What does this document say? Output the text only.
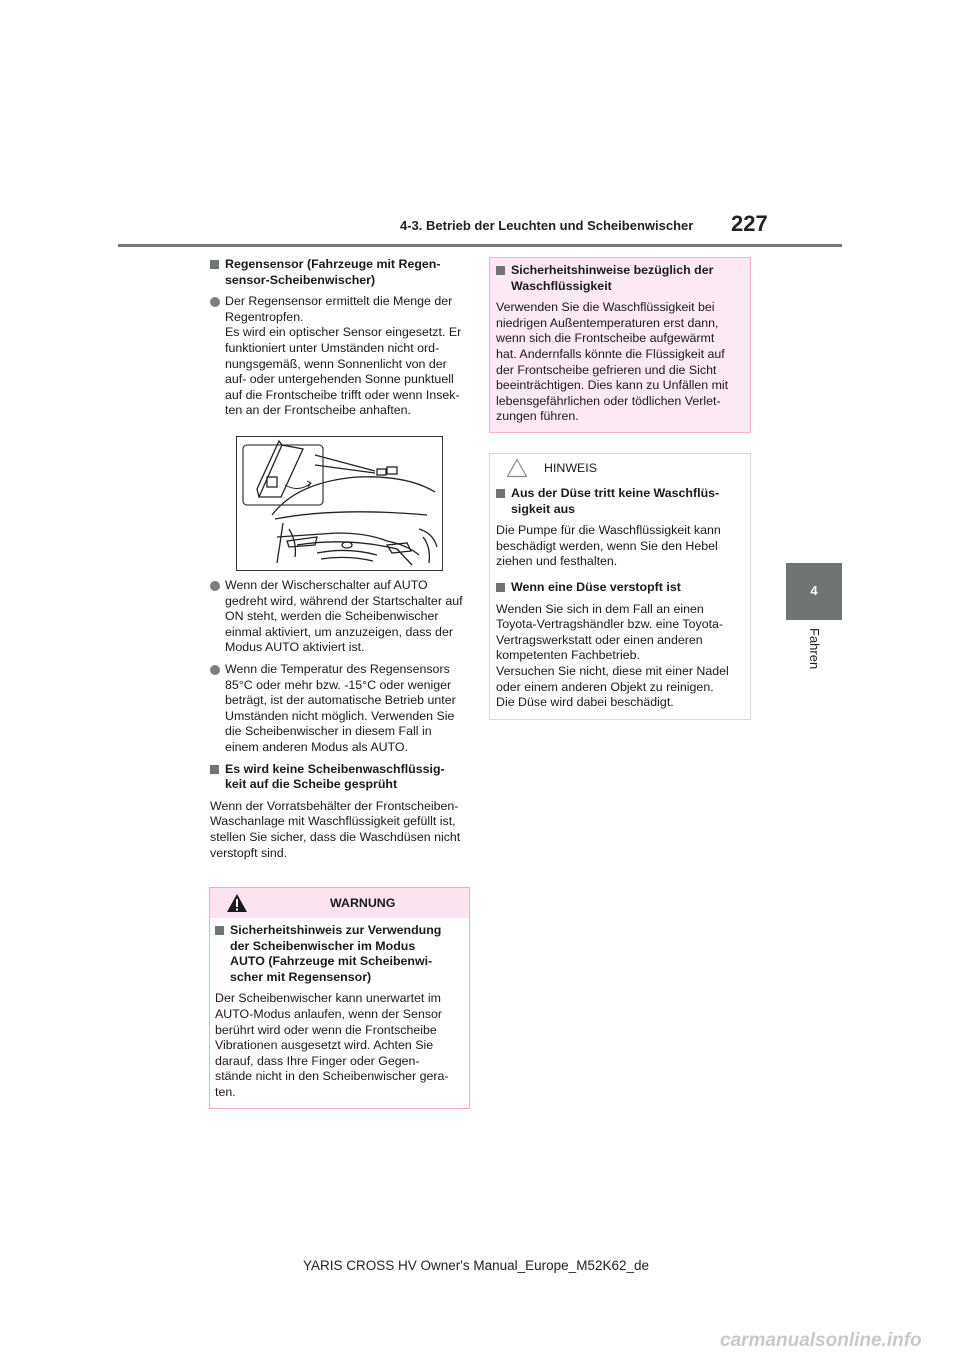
4-3. Betrieb der Leuchten und Scheibenwischer 227
4
Fahren
Regensensor (Fahrzeuge mit Regen-
sensor-Scheibenwischer)
Der Regensensor ermittelt die Menge der
Regentropfen.
Es wird ein optischer Sensor eingesetzt. Er
funktioniert unter Umständen nicht ord-
nungsgemäß, wenn Sonnenlicht von der
auf- oder untergehenden Sonne punktuell
auf die Frontscheibe trifft oder wenn Insek-
ten an der Frontscheibe anhaften.
Wenn der Wischerschalter auf AUTO
gedreht wird, während der Startschalter auf
ON steht, werden die Scheibenwischer
einmal aktiviert, um anzuzeigen, dass der
Modus AUTO aktiviert ist.
Wenn die Temperatur des Regensensors
85°C oder mehr bzw. -15°C oder weniger
beträgt, ist der automatische Betrieb unter
Umständen nicht möglich. Verwenden Sie
die Scheibenwischer in diesem Fall in
einem anderen Modus als AUTO.
Es wird keine Scheibenwaschflüssig-
keit auf die Scheibe gesprüht
Wenn der Vorratsbehälter der Frontscheiben-
Waschanlage mit Waschflüssigkeit gefüllt ist,
stellen Sie sicher, dass die Waschdüsen nicht
verstopft sind.
WARNUNG
Sicherheitshinweis zur Verwendung
der Scheibenwischer im Modus
AUTO (Fahrzeuge mit Scheibenwi-
scher mit Regensensor)
Der Scheibenwischer kann unerwartet im
AUTO-Modus anlaufen, wenn der Sensor
berührt wird oder wenn die Frontscheibe
Vibrationen ausgesetzt wird. Achten Sie
darauf, dass Ihre Finger oder Gegen-
stände nicht in den Scheibenwischer gera-
ten.
Sicherheitshinweise bezüglich der
Waschflüssigkeit
Verwenden Sie die Waschflüssigkeit bei
niedrigen Außentemperaturen erst dann,
wenn sich die Frontscheibe aufgewärmt
hat. Andernfalls könnte die Flüssigkeit auf
der Frontscheibe gefrieren und die Sicht
beeinträchtigen. Dies kann zu Unfällen mit
lebensgefährlichen oder tödlichen Verlet-
zungen führen.
HINWEIS
Aus der Düse tritt keine Waschflüs-
sigkeit aus
Die Pumpe für die Waschflüssigkeit kann
beschädigt werden, wenn Sie den Hebel
ziehen und festhalten.
Wenn eine Düse verstopft ist
Wenden Sie sich in dem Fall an einen
Toyota-Vertragshändler bzw. eine Toyota-
Vertragswerkstatt oder einen anderen
kompetenten Fachbetrieb.
Versuchen Sie nicht, diese mit einer Nadel
oder einem anderen Objekt zu reinigen.
Die Düse wird dabei beschädigt.
YARIS CROSS HV Owner's Manual_Europe_M52K62_de
carmanualsonline.info
